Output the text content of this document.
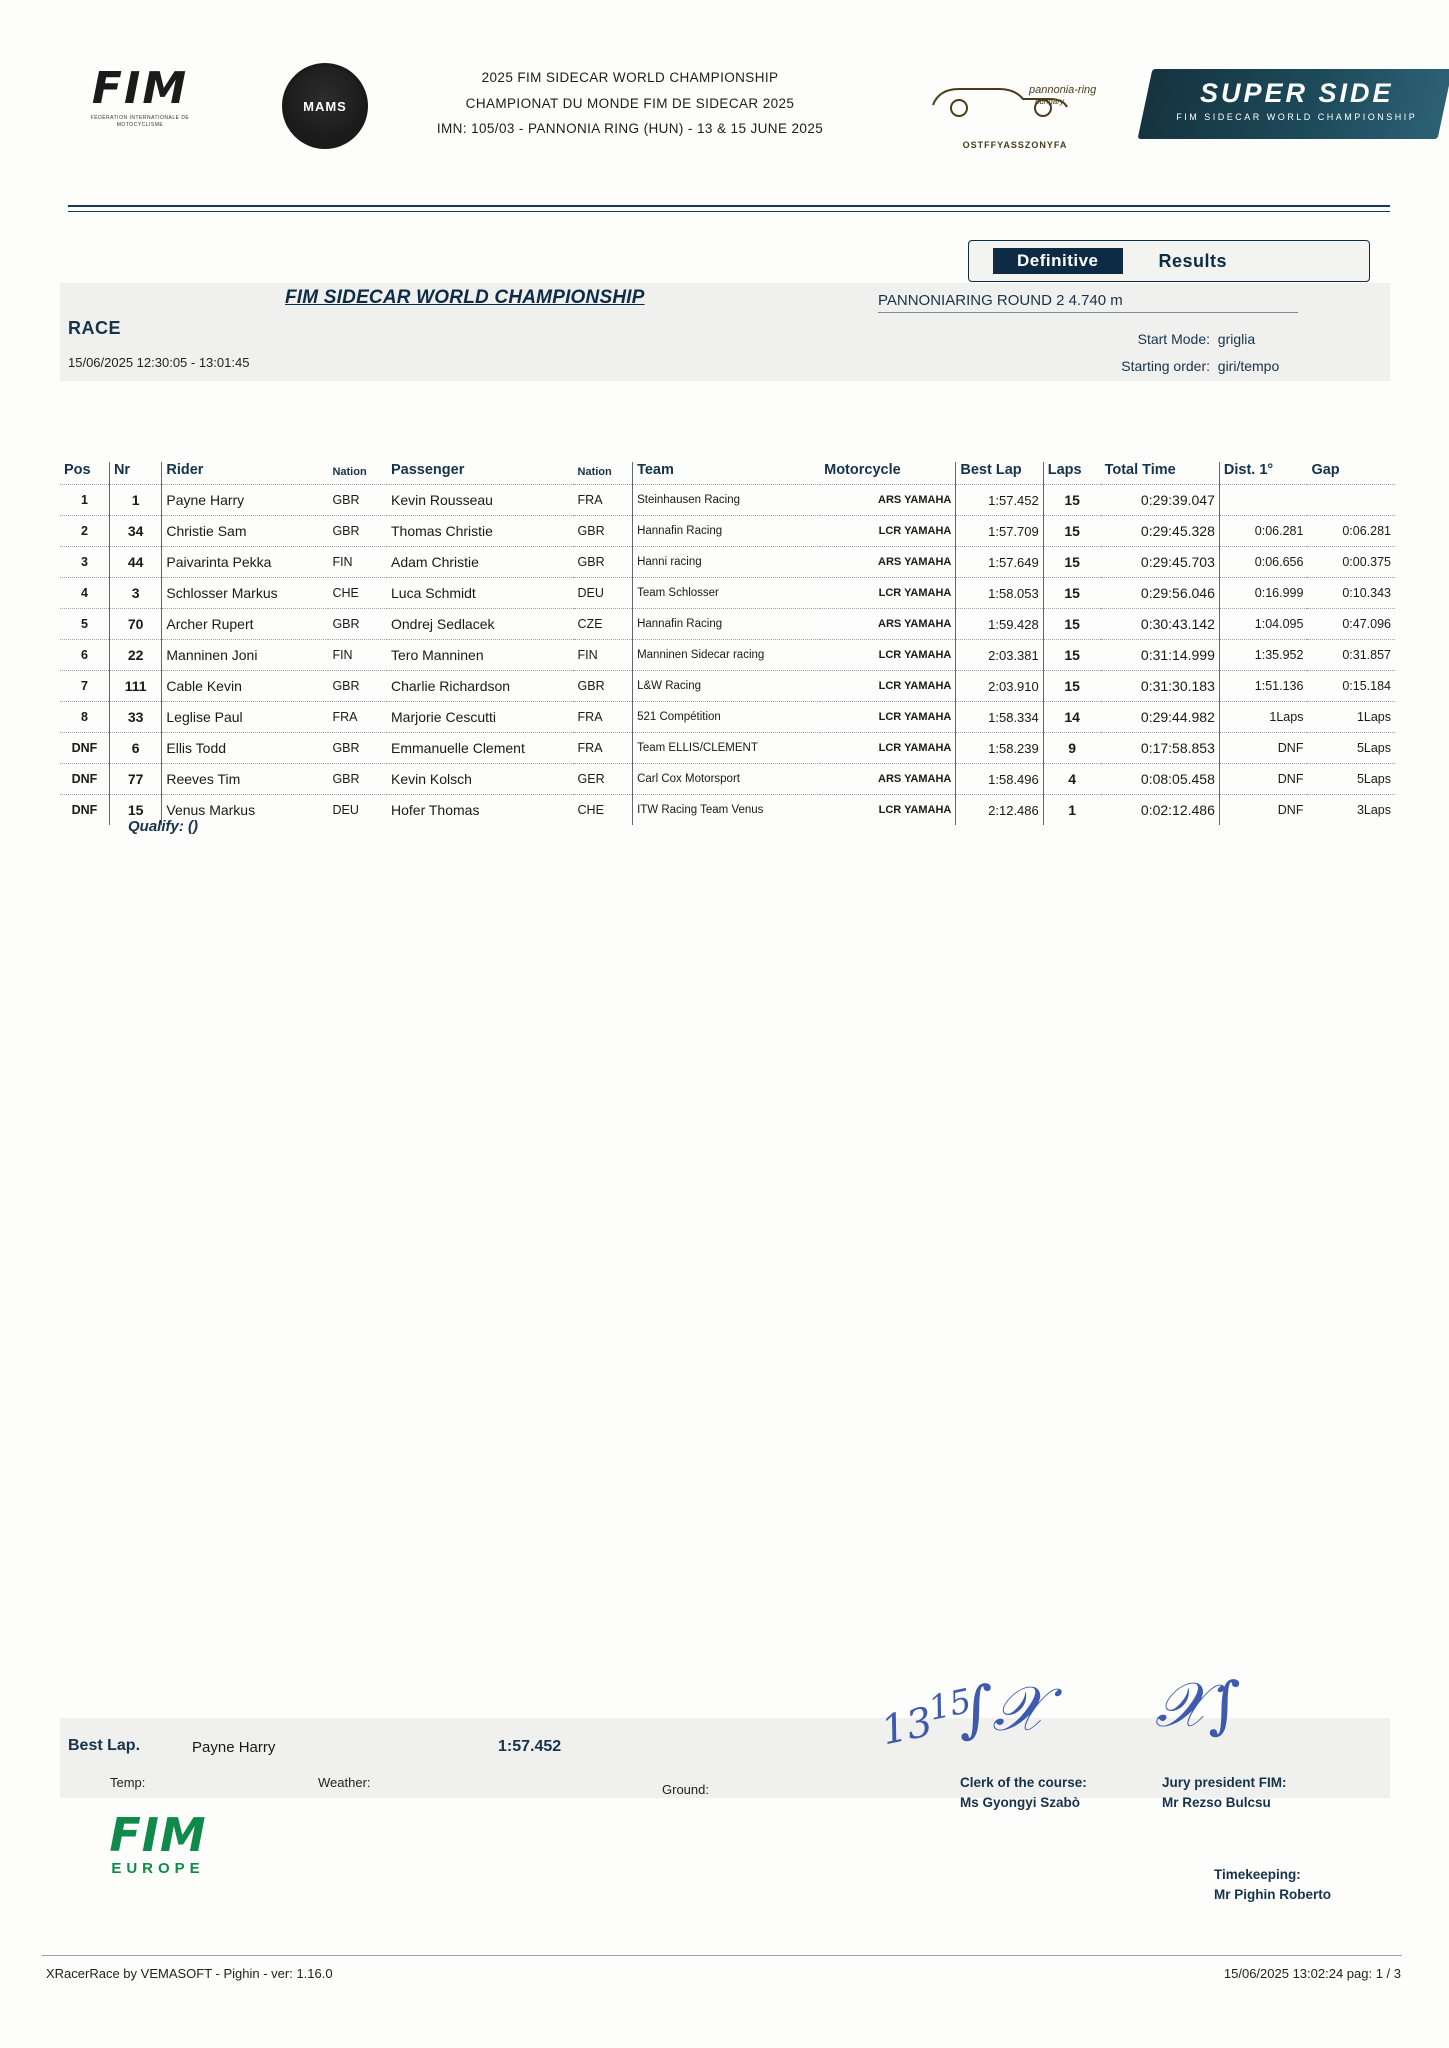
FIM
FÉDÉRATION INTERNATIONALE DE MOTOCYCLISME
MAMS
2025 FIM SIDECAR WORLD CHAMPIONSHIP
CHAMPIONAT DU MONDE FIM DE SIDECAR 2025
IMN: 105/03 - PANNONIA RING (HUN) - 13 & 15 JUNE 2025
pannonia-ring
hungary
OSTFFYASSZONYFA
SUPER SIDE
FIM SIDECAR WORLD CHAMPIONSHIP
Definitive	Results
FIM SIDECAR WORLD CHAMPIONSHIP
RACE
15/06/2025 12:30:05 - 13:01:45
PANNONIARING ROUND 2 4.740 m
Start Mode: griglia
Starting order: giri/tempo
Pos	Nr	Rider	Nation	Passenger	Nation	Team	Motorcycle	Best Lap	Laps	Total Time	Dist. 1°	Gap
1	1	Payne Harry	GBR	Kevin Rousseau	FRA	Steinhausen Racing	ARS YAMAHA	1:57.452	15	0:29:39.047		
2	34	Christie Sam	GBR	Thomas Christie	GBR	Hannafin Racing	LCR YAMAHA	1:57.709	15	0:29:45.328	0:06.281	0:06.281
3	44	Paivarinta Pekka	FIN	Adam Christie	GBR	Hanni racing	ARS YAMAHA	1:57.649	15	0:29:45.703	0:06.656	0:00.375
4	3	Schlosser Markus	CHE	Luca Schmidt	DEU	Team Schlosser	LCR YAMAHA	1:58.053	15	0:29:56.046	0:16.999	0:10.343
5	70	Archer Rupert	GBR	Ondrej Sedlacek	CZE	Hannafin Racing	ARS YAMAHA	1:59.428	15	0:30:43.142	1:04.095	0:47.096
6	22	Manninen Joni	FIN	Tero Manninen	FIN	Manninen Sidecar racing	LCR YAMAHA	2:03.381	15	0:31:14.999	1:35.952	0:31.857
7	111	Cable Kevin	GBR	Charlie Richardson	GBR	L&W Racing	LCR YAMAHA	2:03.910	15	0:31:30.183	1:51.136	0:15.184
8	33	Leglise Paul	FRA	Marjorie Cescutti	FRA	521 Compétition	LCR YAMAHA	1:58.334	14	0:29:44.982	1Laps	1Laps
DNF	6	Ellis Todd	GBR	Emmanuelle Clement	FRA	Team ELLIS/CLEMENT	LCR YAMAHA	1:58.239	9	0:17:58.853	DNF	5Laps
DNF	77	Reeves Tim	GBR	Kevin Kolsch	GER	Carl Cox Motorsport	ARS YAMAHA	1:58.496	4	0:08:05.458	DNF	5Laps
DNF	15	Venus Markus	DEU	Hofer Thomas	CHE	ITW Racing Team Venus	LCR YAMAHA	2:12.486	1	0:02:12.486	DNF	3Laps
Qualify: ()
Best Lap.	Payne Harry	1:57.452
Temp:	Weather:	Ground:
$13^{15}$
∫𝒳 𝒳∫
Clerk of the course:
Ms Gyongyi Szabò
Jury president FIM:
Mr Rezso Bulcsu
Timekeeping:
Mr Pighin Roberto
FIM
EUROPE
XRacerRace by VEMASOFT - Pighin - ver: 1.16.0	15/06/2025 13:02:24 pag: 1 / 3
